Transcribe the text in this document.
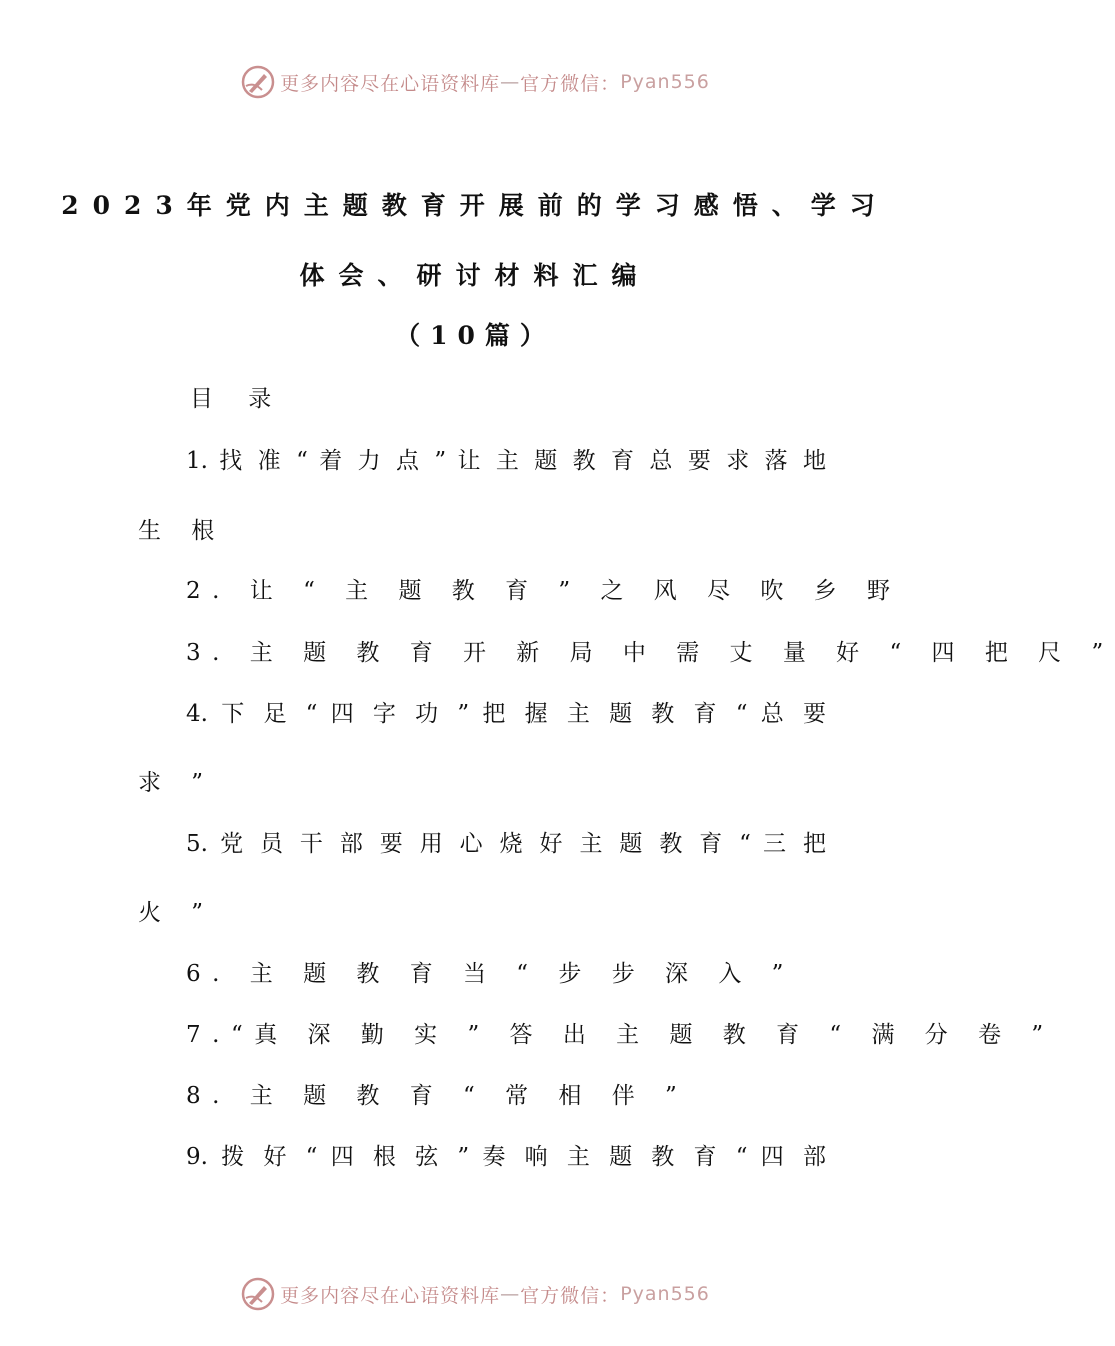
更多内容尽在心语资料库 — 官方微信： Pyan556
2023年党内主题教育开展前的学习感悟、学习
体会、研讨材料汇编
（10篇）
目 录
1. 找 准 “ 着 力 点 ” 让 主 题 教 育 总 要 求 落 地
生 根
2. 让 “ 主 题 教 育 ” 之 风 尽 吹 乡 野
3. 主 题 教 育 开 新 局 中 需 丈 量 好 “ 四 把 尺 ”
4. 下 足 “ 四 字 功 ” 把 握 主 题 教 育 “ 总 要
求 ”
5. 党 员 干 部 要 用 心 烧 好 主 题 教 育 “ 三 把
火 ”
6. 主 题 教 育 当 “ 步 步 深 入 ”
7.“真 深 勤 实 ” 答 出 主 题 教 育 “ 满 分 卷 ”
8. 主 题 教 育 “ 常 相 伴 ”
9. 拨 好 “ 四 根 弦 ” 奏 响 主 题 教 育 “ 四 部
更多内容尽在心语资料库 — 官方微信： Pyan556
